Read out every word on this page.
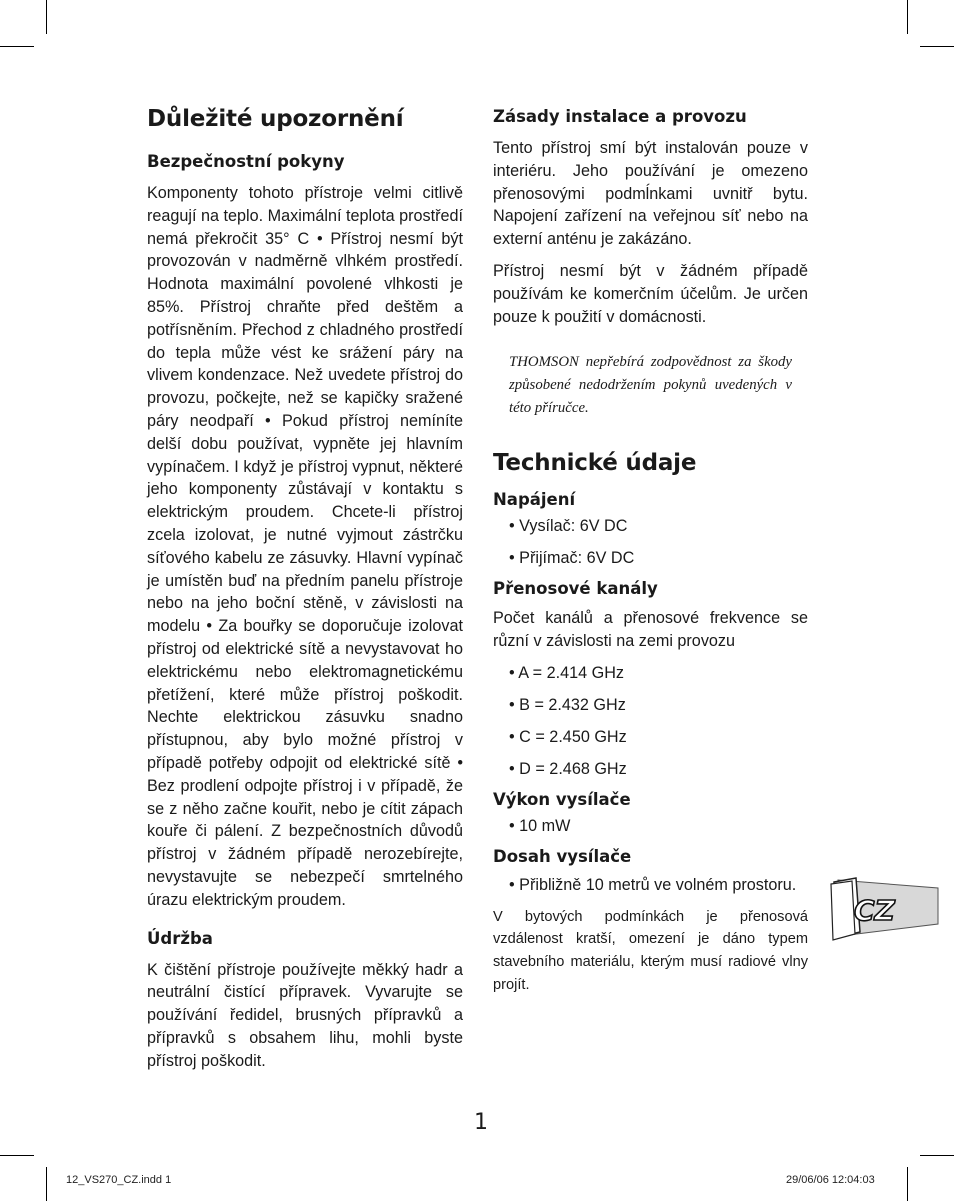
Důležité upozornění
Bezpečnostní pokyny

Komponenty tohoto přístroje velmi citlivě reagují na teplo. Maximální teplota prostředí nemá překročit 35° C • Přístroj nesmí být provozován v nadměrně vlhkém prostředí. Hodnota maximální povolené vlhkosti je 85%. Přístroj chraňte před deštěm a potřísněním. Přechod z chladného prostředí do tepla může vést ke srážení páry na vlivem kondenzace. Než uvedete přístroj do provozu, počkejte, než se kapičky sražené páry neodpaří • Pokud přístroj nemíníte delší dobu používat, vypněte jej hlavním vypínačem. I když je přístroj vypnut, některé jeho komponenty zůstávají v kontaktu s elektrickým proudem. Chcete-li přístroj zcela izolovat, je nutné vyjmout zástrčku síťového kabelu ze zásuvky. Hlavní vypínač je umístěn buď na předním panelu přístroje nebo na jeho boční stěně, v závislosti na modelu • Za bouřky se doporučuje izolovat přístroj od elektrické sítě a nevystavovat ho elektrickému nebo elektromagnetickému přetížení, které může přístroj poškodit. Nechte elektrickou zásuvku snadno přístupnou, aby bylo možné přístroj v případě potřeby odpojit od elektrické sítě • Bez prodlení odpojte přístroj i v případě, že se z něho začne kouřit, nebo je cítit zápach kouře či pálení. Z bezpečnostních důvodů přístroj v žádném případě nerozebírejte, nevystavujte se nebezpečí smrtelného úrazu elektrickým proudem.

Údržba

K čištění přístroje používejte měkký hadr a neutrální čistící přípravek. Vyvarujte se používání ředidel, brusných přípravků a přípravků s obsahem lihu, mohli byste přístroj poškodit.

Zásady instalace a provozu

Tento přístroj smí být instalován pouze v interiéru. Jeho používání je omezeno přenosovými podmĺnkami uvnitř bytu. Napojení zařízení na veřejnou síť nebo na externí anténu je zakázáno.

Přístroj nesmí být v žádném případě používám ke komerčním účelům. Je určen pouze k použití v domácnosti.

THOMSON nepřebírá zodpovědnost za škody způsobené nedodržením pokynů uvedených v této příručce.

Technické údaje
Napájení
• Vysílač: 6V DC
• Přijímač: 6V DC
Přenosové kanály

Počet kanálů a přenosové frekvence se různí v závislosti na zemi provozu

• A = 2.414 GHz
• B = 2.432 GHz
• C = 2.450 GHz
• D = 2.468 GHz
Výkon vysílače
• 10 mW
Dosah vysílače
• Přibližně 10 metrů ve volném prostoru.

V bytových podmínkách je přenosová vzdálenost kratší, omezení je dáno typem stavebního materiálu, kterým musí radiové vlny projít.

CZ
1
12_VS270_CZ.indd 1	29/06/06 12:04:03
